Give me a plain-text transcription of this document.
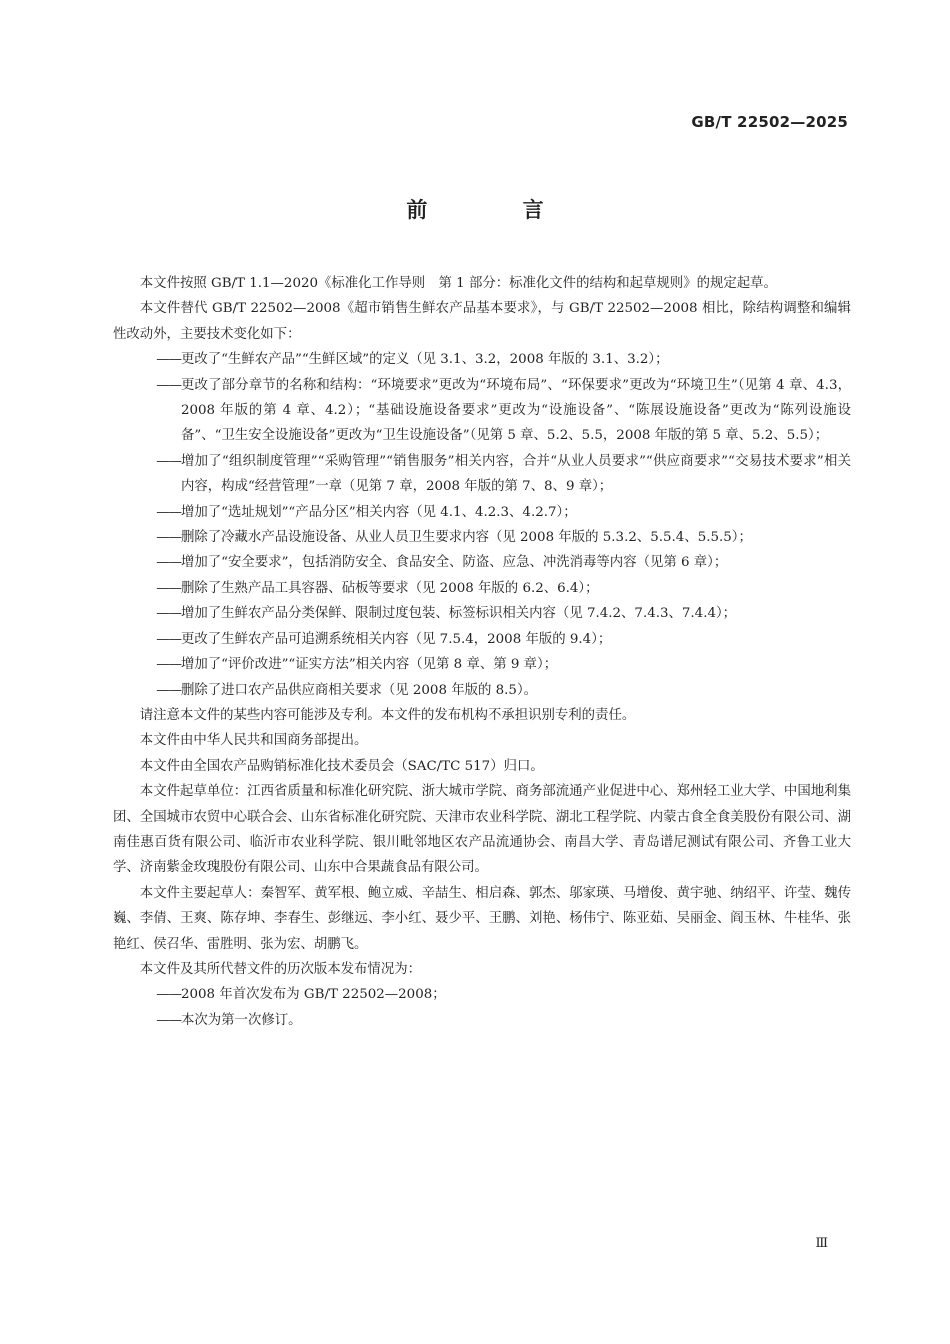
GB/T 22502—2025
前 言

本文件按照 GB/T 1.1—2020《标准化工作导则　第 1 部分：标准化文件的结构和起草规则》的规定起草。

本文件替代 GB/T 22502—2008《超市销售生鲜农产品基本要求》，与 GB/T 22502—2008 相比，除结构调整和编辑性改动外，主要技术变化如下：

—— 更改了“生鲜农产品”“生鲜区域”的定义（见 3.1、3.2，2008 年版的 3.1、3.2）；
—— 更改了部分章节的名称和结构：“环境要求”更改为“环境布局”、“环保要求”更改为“环境卫生”（见第 4 章、4.3，2008 年版的第 4 章、4.2）；“基础设施设备要求”更改为“设施设备”、“陈展设施设备”更改为“陈列设施设备”、“卫生安全设施设备”更改为“卫生设施设备”（见第 5 章、5.2、5.5，2008 年版的第 5 章、5.2、5.5）；
—— 增加了“组织制度管理”“采购管理”“销售服务”相关内容，合并“从业人员要求”“供应商要求”“交易技术要求”相关内容，构成“经营管理”一章（见第 7 章，2008 年版的第 7、8、9 章）；
—— 增加了“选址规划”“产品分区”相关内容（见 4.1、4.2.3、4.2.7）；
—— 删除了冷藏水产品设施设备、从业人员卫生要求内容（见 2008 年版的 5.3.2、5.5.4、5.5.5）；
—— 增加了“安全要求”，包括消防安全、食品安全、防盗、应急、冲洗消毒等内容（见第 6 章）；
—— 删除了生熟产品工具容器、砧板等要求（见 2008 年版的 6.2、6.4）；
—— 增加了生鲜农产品分类保鲜、限制过度包装、标签标识相关内容（见 7.4.2、7.4.3、7.4.4）；
—— 更改了生鲜农产品可追溯系统相关内容（见 7.5.4，2008 年版的 9.4）；
—— 增加了“评价改进”“证实方法”相关内容（见第 8 章、第 9 章）；
—— 删除了进口农产品供应商相关要求（见 2008 年版的 8.5）。

请注意本文件的某些内容可能涉及专利。本文件的发布机构不承担识别专利的责任。

本文件由中华人民共和国商务部提出。

本文件由全国农产品购销标准化技术委员会（SAC/TC 517）归口。

本文件起草单位：江西省质量和标准化研究院、浙大城市学院、商务部流通产业促进中心、郑州轻工业大学、中国地利集团、全国城市农贸中心联合会、山东省标准化研究院、天津市农业科学院、湖北工程学院、内蒙古食全食美股份有限公司、湖南佳惠百货有限公司、临沂市农业科学院、银川毗邻地区农产品流通协会、南昌大学、青岛谱尼测试有限公司、齐鲁工业大学、济南紫金玫瑰股份有限公司、山东中合果蔬食品有限公司。

本文件主要起草人：秦智军、黄军根、鲍立威、辛喆生、相启森、郭杰、邬家瑛、马增俊、黄宇驰、纳绍平、许莹、魏传巍、李倩、王爽、陈存坤、李春生、彭继远、李小红、聂少平、王鹏、刘艳、杨伟宁、陈亚茹、吴丽金、阎玉林、牛桂华、张艳红、侯召华、雷胜明、张为宏、胡鹏飞。

本文件及其所代替文件的历次版本发布情况为：

—— 2008 年首次发布为 GB/T 22502—2008；
—— 本次为第一次修订。
Ⅲ
